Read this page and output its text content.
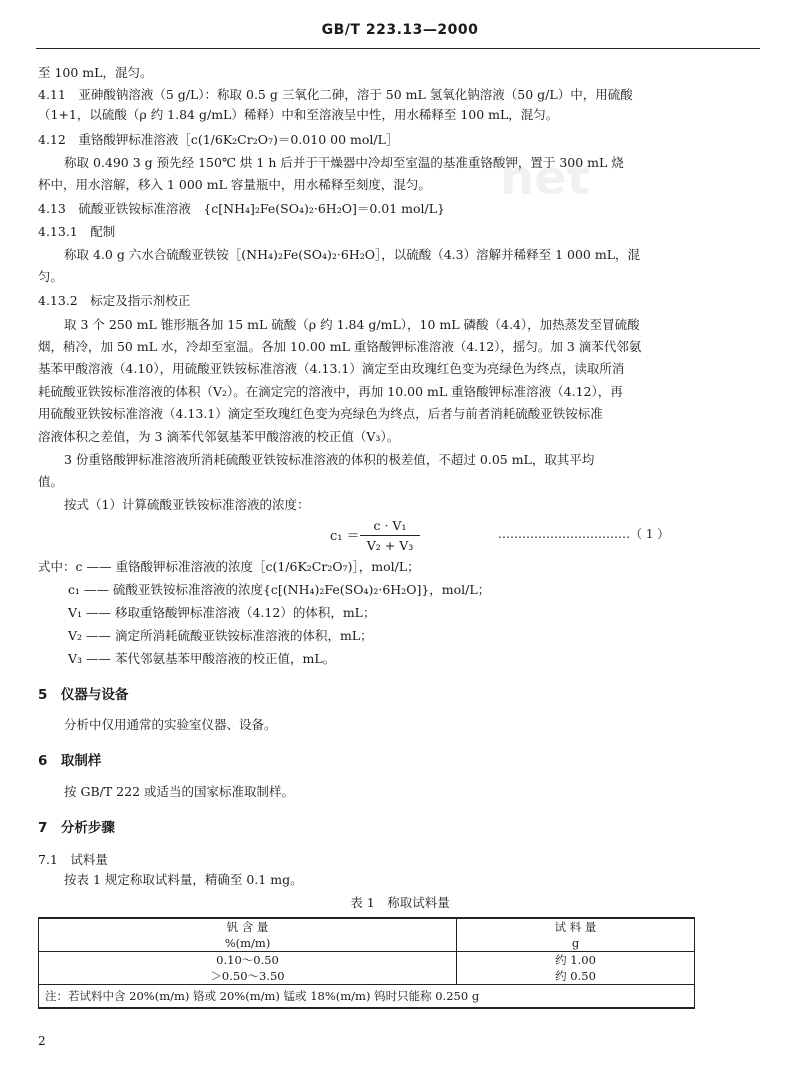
GB/T 223.13—2000
net
至 100 mL，混匀。
4.11　亚砷酸钠溶液（5 g/L）：称取 0.5 g 三氧化二砷，溶于 50 mL 氢氧化钠溶液（50 g/L）中，用硫酸
（1+1，以硫酸（ρ 约 1.84 g/mL）稀释）中和至溶液呈中性，用水稀释至 100 mL，混匀。
4.12　重铬酸钾标准溶液［c(1/6K₂Cr₂O₇)＝0.010 00 mol/L］
称取 0.490 3 g 预先经 150℃ 烘 1 h 后并于干燥器中冷却至室温的基准重铬酸钾，置于 300 mL 烧
杯中，用水溶解，移入 1 000 mL 容量瓶中，用水稀释至刻度，混匀。
4.13　硫酸亚铁铵标准溶液　{c[NH₄]₂Fe(SO₄)₂·6H₂O]＝0.01 mol/L}
4.13.1　配制
称取 4.0 g 六水合硫酸亚铁铵［(NH₄)₂Fe(SO₄)₂·6H₂O］，以硫酸（4.3）溶解并稀释至 1 000 mL，混
匀。
4.13.2　标定及指示剂校正
取 3 个 250 mL 锥形瓶各加 15 mL 硫酸（ρ 约 1.84 g/mL），10 mL 磷酸（4.4），加热蒸发至冒硫酸
烟，稍冷，加 50 mL 水，冷却至室温。各加 10.00 mL 重铬酸钾标准溶液（4.12），摇匀。加 3 滴苯代邻氨
基苯甲酸溶液（4.10），用硫酸亚铁铵标准溶液（4.13.1）滴定至由玫瑰红色变为亮绿色为终点，读取所消
耗硫酸亚铁铵标准溶液的体积（V₂）。在滴定完的溶液中，再加 10.00 mL 重铬酸钾标准溶液（4.12），再
用硫酸亚铁铵标准溶液（4.13.1）滴定至玫瑰红色变为亮绿色为终点，后者与前者消耗硫酸亚铁铵标准
溶液体积之差值，为 3 滴苯代邻氨基苯甲酸溶液的校正值（V₃）。
3 份重铬酸钾标准溶液所消耗硫酸亚铁铵标准溶液的体积的极差值，不超过 0.05 mL，取其平均
值。
按式（1）计算硫酸亚铁铵标准溶液的浓度：
c₁ ＝
c · V₁
V₂ + V₃
……………………………（ 1 ）
式中：c —— 重铬酸钾标准溶液的浓度［c(1/6K₂Cr₂O₇)］，mol/L；
c₁ —— 硫酸亚铁铵标准溶液的浓度{c[(NH₄)₂Fe(SO₄)₂·6H₂O]}，mol/L；
V₁ —— 移取重铬酸钾标准溶液（4.12）的体积，mL；
V₂ —— 滴定所消耗硫酸亚铁铵标准溶液的体积，mL；
V₃ —— 苯代邻氨基苯甲酸溶液的校正值，mL。
5　仪器与设备
分析中仅用通常的实验室仪器、设备。
6　取制样
按 GB/T 222 或适当的国家标准取制样。
7　分析步骤
7.1　试料量
按表 1 规定称取试料量，精确至 0.1 mg。
表 1　称取试料量
钒 含 量	试 料 量
%(m/m)	g
0.10～0.50	约 1.00
＞0.50～3.50	约 0.50
注：若试料中含 20%(m/m) 铬或 20%(m/m) 锰或 18%(m/m) 钨时只能称 0.250 g	
2
